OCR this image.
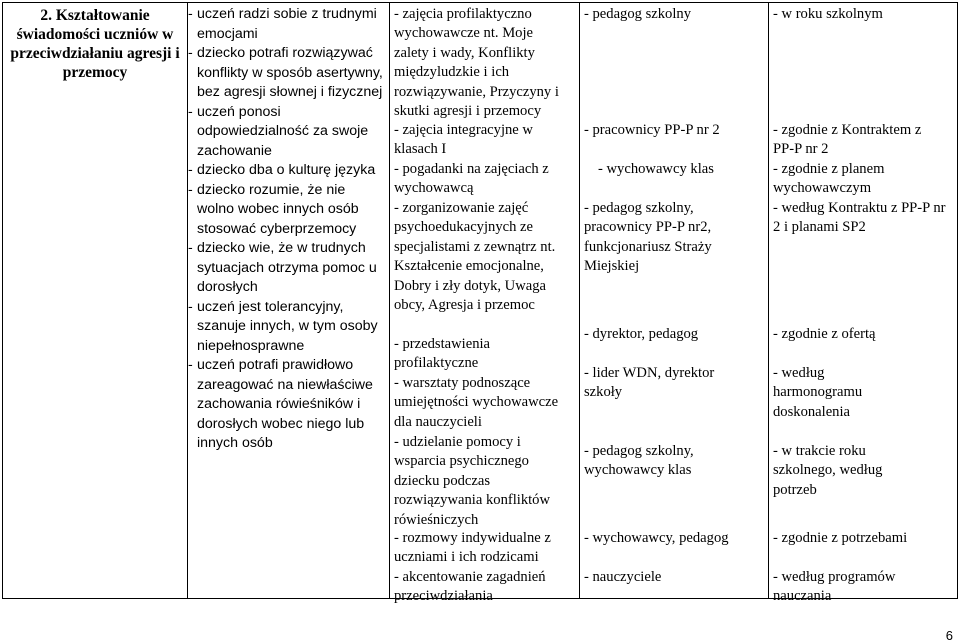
2. Kształtowanie świadomości uczniów w przeciwdziałaniu agresji i przemocy

- uczeń radzi sobie z trudnymi emocjami
- dziecko potrafi rozwiązywać konflikty w sposób asertywny, bez agresji słownej i fizycznej
- uczeń ponosi odpowiedzialność za swoje zachowanie
- dziecko dba o kulturę języka
- dziecko rozumie, że nie wolno wobec innych osób stosować cyberprzemocy
- dziecko wie, że w trudnych sytuacjach otrzyma pomoc u dorosłych
- uczeń jest tolerancyjny, szanuje innych, w tym osoby niepełnosprawne
- uczeń potrafi prawidłowo zareagować na niewłaściwe zachowania rówieśników i dorosłych wobec niego lub innych osób

- zajęcia profilaktyczno wychowawcze nt. Moje zalety i wady, Konflikty międzyludzkie i ich rozwiązywanie, Przyczyny i skutki agresji i przemocy
- zajęcia integracyjne w klasach I
- pogadanki na zajęciach z wychowawcą
- zorganizowanie zajęć psychoedukacyjnych ze specjalistami z zewnątrz nt. Kształcenie emocjonalne, Dobry i zły dotyk, Uwaga obcy, Agresja i przemoc
- przedstawienia profilaktyczne
- warsztaty podnoszące umiejętności wychowawcze dla nauczycieli
- udzielanie pomocy i wsparcia psychicznego dziecku podczas rozwiązywania konfliktów rówieśniczych
- rozmowy indywidualne z uczniami i ich rodzicami
- akcentowanie zagadnień przeciwdziałania

- pedagog szkolny
- pracownicy PP-P nr 2
- wychowawcy klas
- pedagog szkolny, pracownicy PP-P nr2, funkcjonariusz Straży Miejskiej
- dyrektor, pedagog
- lider WDN, dyrektor szkoły
- pedagog szkolny, wychowawcy klas
- wychowawcy, pedagog
- nauczyciele

- w roku szkolnym
- zgodnie z Kontraktem z PP-P nr 2
- zgodnie z planem wychowawczym
- według Kontraktu z PP-P nr 2 i planami SP2
- zgodnie z ofertą
- według harmonogramu doskonalenia
- w trakcie roku szkolnego, według potrzeb
- zgodnie z potrzebami
- według programów nauczania
6
